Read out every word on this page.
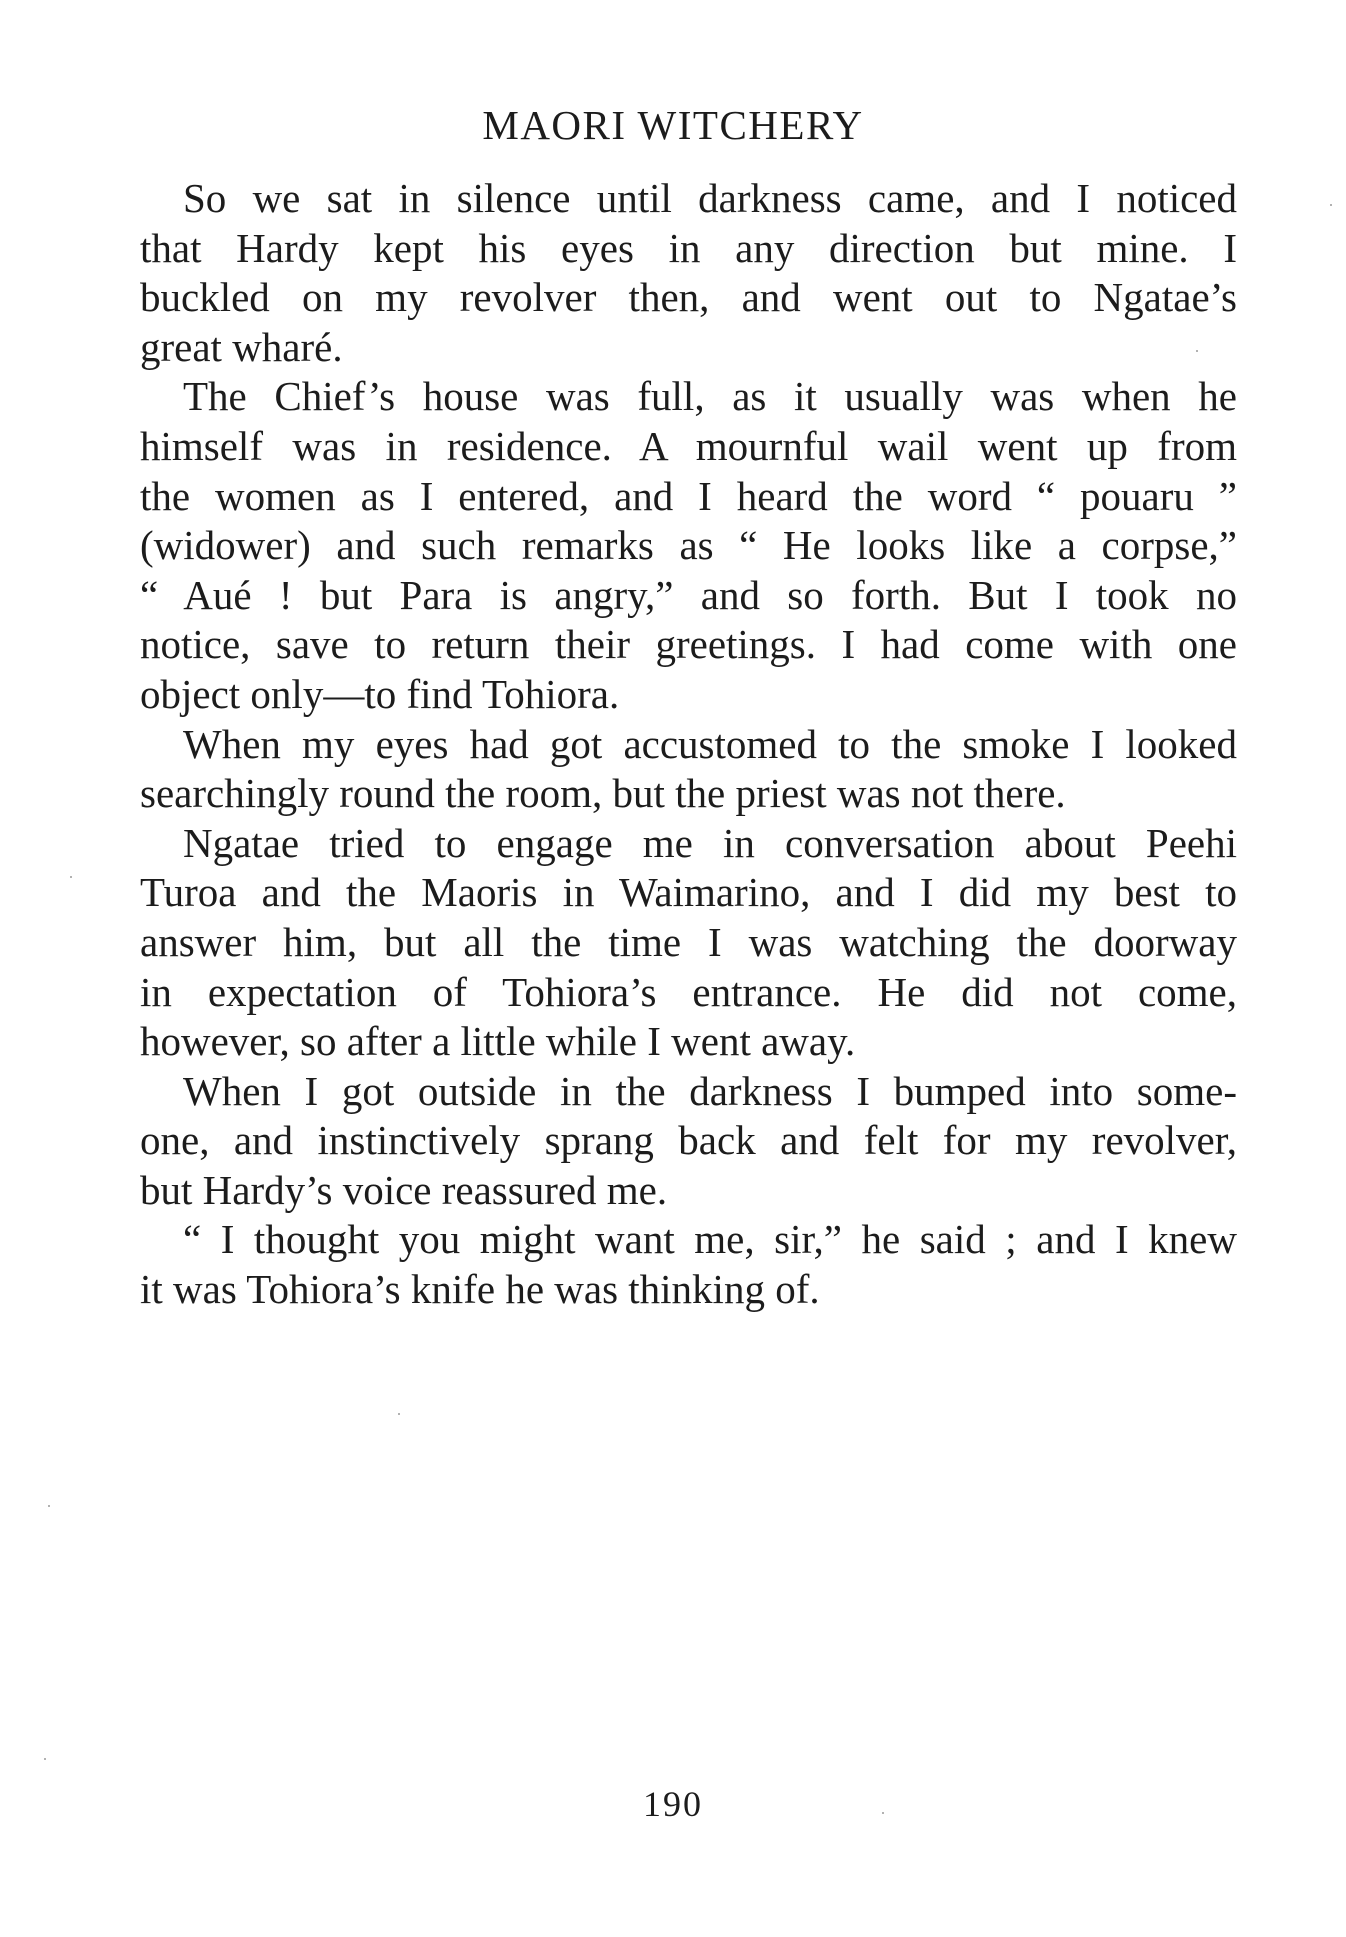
MAORI WITCHERY

So we sat in silence until darkness came, and I noticed
that Hardy kept his eyes in any direction but mine. I
buckled on my revolver then, and went out to Ngatae’s
great wharé.

The Chief’s house was full, as it usually was when he
himself was in residence. A mournful wail went up from
the women as I entered, and I heard the word “ pouaru ”
(widower) and such remarks as “ He looks like a corpse,”
“ Aué ! but Para is angry,” and so forth. But I took no
notice, save to return their greetings. I had come with one
object only—to find Tohiora.

When my eyes had got accustomed to the smoke I looked
searchingly round the room, but the priest was not there.

Ngatae tried to engage me in conversation about Peehi
Turoa and the Maoris in Waimarino, and I did my best to
answer him, but all the time I was watching the doorway
in expectation of Tohiora’s entrance. He did not come,
however, so after a little while I went away.

When I got outside in the darkness I bumped into some-
one, and instinctively sprang back and felt for my revolver,
but Hardy’s voice reassured me.

“ I thought you might want me, sir,” he said ; and I knew
it was Tohiora’s knife he was thinking of.

190
